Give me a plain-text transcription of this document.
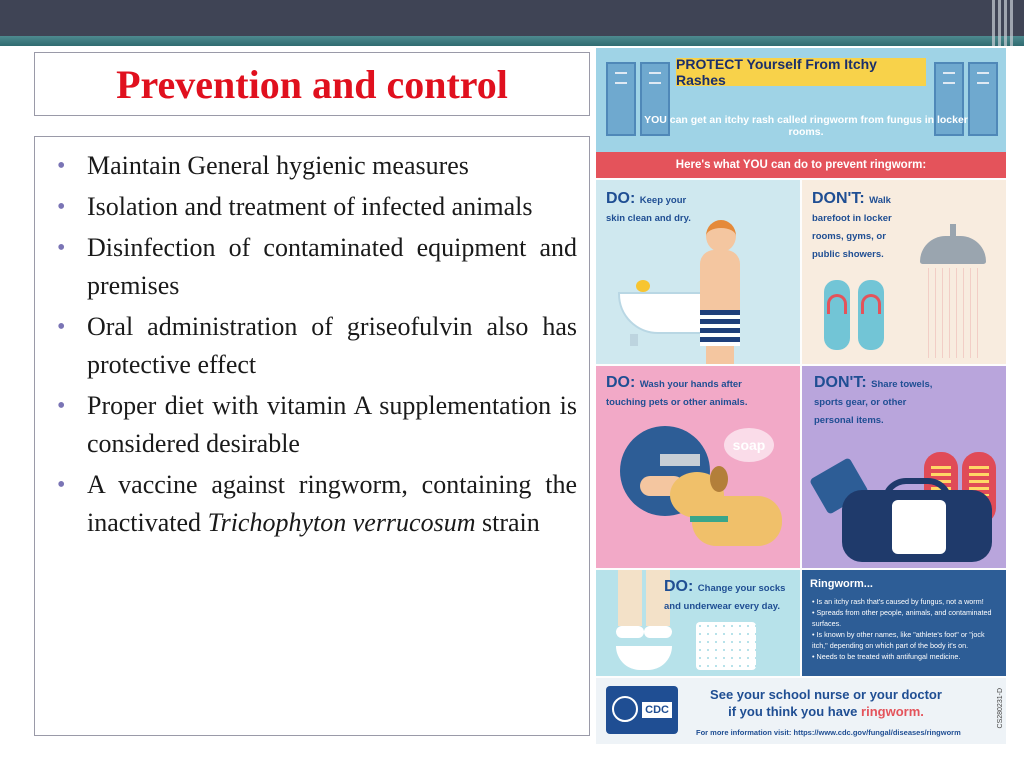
Prevention and control
• Maintain General hygienic measures
• Isolation and treatment of infected animals
• Disinfection of contaminated equipment and premises
• Oral administration of griseofulvin also has protective effect
• Proper diet with vitamin A supplementation is considered desirable
• A vaccine against ringworm, containing the inactivated Trichophyton verrucosum strain
PROTECT Yourself From Itchy Rashes
YOU can get an itchy rash called ringworm from fungus in locker rooms.
Here's what YOU can do to prevent ringworm:
DO: Keep your skin clean and dry.
DON'T: Walk barefoot in locker rooms, gyms, or public showers.
DO: Wash your hands after touching pets or other animals.
soap
DON'T: Share towels, sports gear, or other personal items.
DO: Change your socks and underwear every day.
Ringworm...
• Is an itchy rash that's caused by fungus, not a worm!
• Spreads from other people, animals, and contaminated surfaces.
• Is known by other names, like "athlete's foot" or "jock itch," depending on which part of the body it's on.
• Needs to be treated with antifungal medicine.
CDC
See your school nurse or your doctor
if you think you have ringworm.
For more information visit: https://www.cdc.gov/fungal/diseases/ringworm
CS280231-D
